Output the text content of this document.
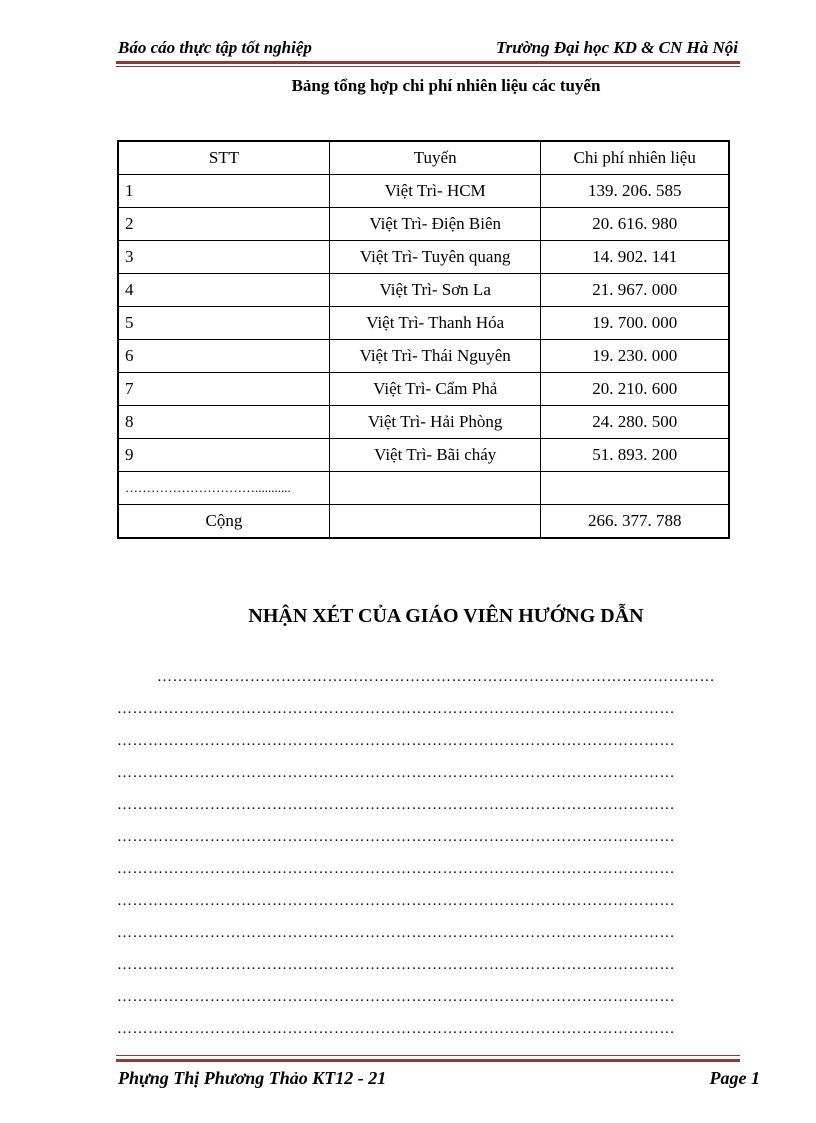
Báo cáo thực tập tốt nghiệp	Trường Đại học KD & CN Hà Nội
Bảng tổng hợp chi phí nhiên liệu các tuyến
STT	Tuyến	Chi phí nhiên liệu
1	Việt Trì- HCM	139. 206. 585
2	Việt Trì- Điện Biên	20. 616. 980
3	Việt Trì- Tuyên quang	14. 902. 141
4	Việt Trì- Sơn La	21. 967. 000
5	Việt Trì- Thanh Hóa	19. 700. 000
6	Việt Trì- Thái Nguyên	19. 230. 000
7	Việt Trì- Cẩm Phả	20. 210. 600
8	Việt Trì- Hải Phòng	24. 280. 500
9	Việt Trì- Bãi cháy	51. 893. 200
…………………………...........		
Cộng		266. 377. 788
NHẬN XÉT CỦA GIÁO VIÊN HƯỚNG DẪN
………………………………………………………………………………………………
………………………………………………………………………………………………
………………………………………………………………………………………………
………………………………………………………………………………………………
………………………………………………………………………………………………
………………………………………………………………………………………………
………………………………………………………………………………………………
………………………………………………………………………………………………
………………………………………………………………………………………………
………………………………………………………………………………………………
………………………………………………………………………………………………
………………………………………………………………………………………………
Phựng Thị Phương Thảo KT12 - 21	Page 1
